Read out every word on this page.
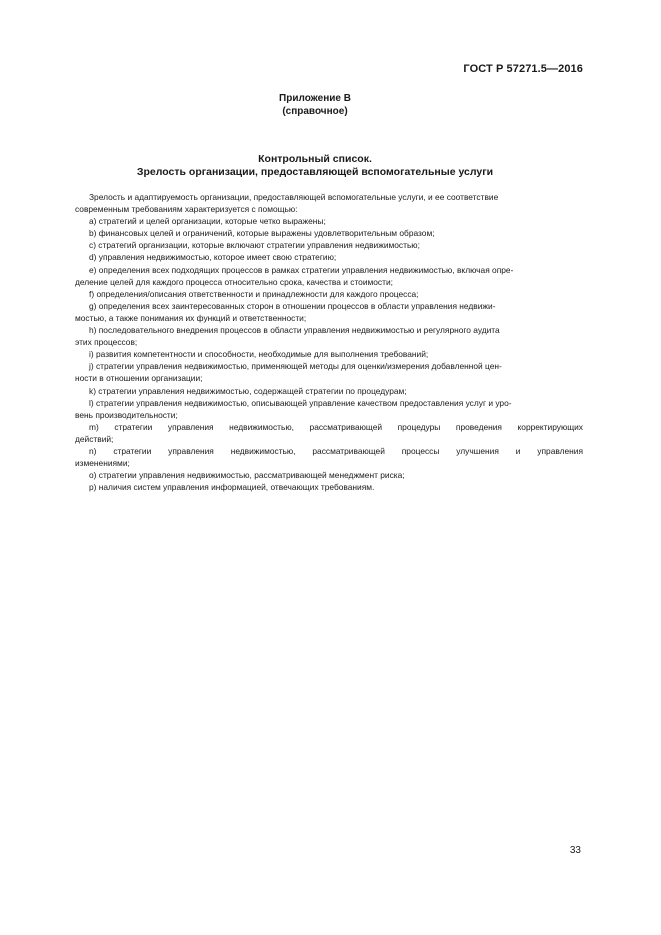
ГОСТ Р 57271.5—2016
Приложение В
(справочное)
Контрольный список.
Зрелость организации, предоставляющей вспомогательные услуги
Зрелость и адаптируемость организации, предоставляющей вспомогательные услуги, и ее соответствие
современным требованиям характеризуется с помощью:
a) стратегий и целей организации, которые четко выражены;
b) финансовых целей и ограничений, которые выражены удовлетворительным образом;
c) стратегий организации, которые включают стратегии управления недвижимостью;
d) управления недвижимостью, которое имеет свою стратегию;
e) определения всех подходящих процессов в рамках стратегии управления недвижимостью, включая опре-
деление целей для каждого процесса относительно срока, качества и стоимости;
f) определения/описания ответственности и принадлежности для каждого процесса;
g) определения всех заинтересованных сторон в отношении процессов в области управления недвижи-
мостью, а также понимания их функций и ответственности;
h) последовательного внедрения процессов в области управления недвижимостью и регулярного аудита
этих процессов;
i) развития компетентности и способности, необходимые для выполнения требований;
j) стратегии управления недвижимостью, применяющей методы для оценки/измерения добавленной цен-
ности в отношении организации;
k) стратегии управления недвижимостью, содержащей стратегии по процедурам;
l) стратегии управления недвижимостью, описывающей управление качеством предоставления услуг и уро-
вень производительности;
m) стратегии управления недвижимостью, рассматривающей процедуры проведения корректирующих
действий;
n) стратегии управления недвижимостью, рассматривающей процессы улучшения и управления
изменениями;
o) стратегии управления недвижимостью, рассматривающей менеджмент риска;
p) наличия систем управления информацией, отвечающих требованиям.
33
